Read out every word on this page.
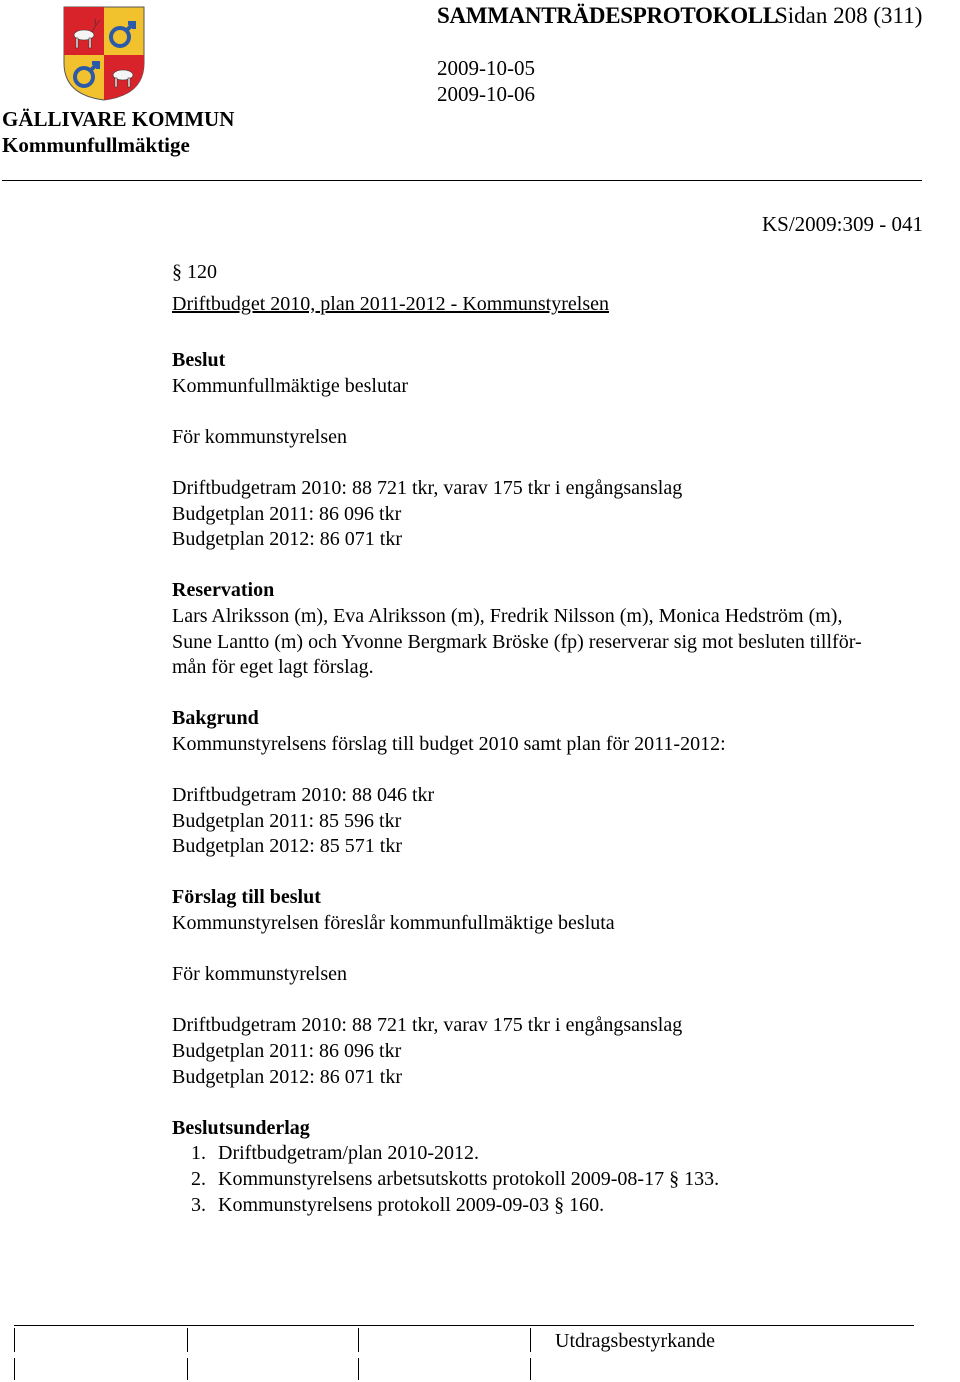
SAMMANTRÄDESPROTOKOLL
Sidan 208 (311)
2009-10-05
2009-10-06
GÄLLIVARE KOMMUN
Kommunfullmäktige
KS/2009:309 - 041
§ 120
Driftbudget 2010, plan 2011-2012 - Kommunstyrelsen
Beslut
Kommunfullmäktige beslutar
För kommunstyrelsen
Driftbudgetram 2010: 88 721 tkr, varav 175 tkr i engångsanslag
Budgetplan 2011: 86 096 tkr
Budgetplan 2012: 86 071 tkr
Reservation
Lars Alriksson (m), Eva Alriksson (m), Fredrik Nilsson (m), Monica Hedström (m),
Sune Lantto (m) och Yvonne Bergmark Bröske (fp) reserverar sig mot besluten tillför-
mån för eget lagt förslag.
Bakgrund
Kommunstyrelsens förslag till budget 2010 samt plan för 2011-2012:
Driftbudgetram 2010: 88 046 tkr
Budgetplan 2011: 85 596 tkr
Budgetplan 2012: 85 571 tkr
Förslag till beslut
Kommunstyrelsen föreslår kommunfullmäktige besluta
För kommunstyrelsen
Driftbudgetram 2010: 88 721 tkr, varav 175 tkr i engångsanslag
Budgetplan 2011: 86 096 tkr
Budgetplan 2012: 86 071 tkr
Beslutsunderlag
1. Driftbudgetram/plan 2010-2012.
2. Kommunstyrelsens arbetsutskotts protokoll 2009-08-17 § 133.
3. Kommunstyrelsens protokoll 2009-09-03 § 160.
Utdragsbestyrkande
